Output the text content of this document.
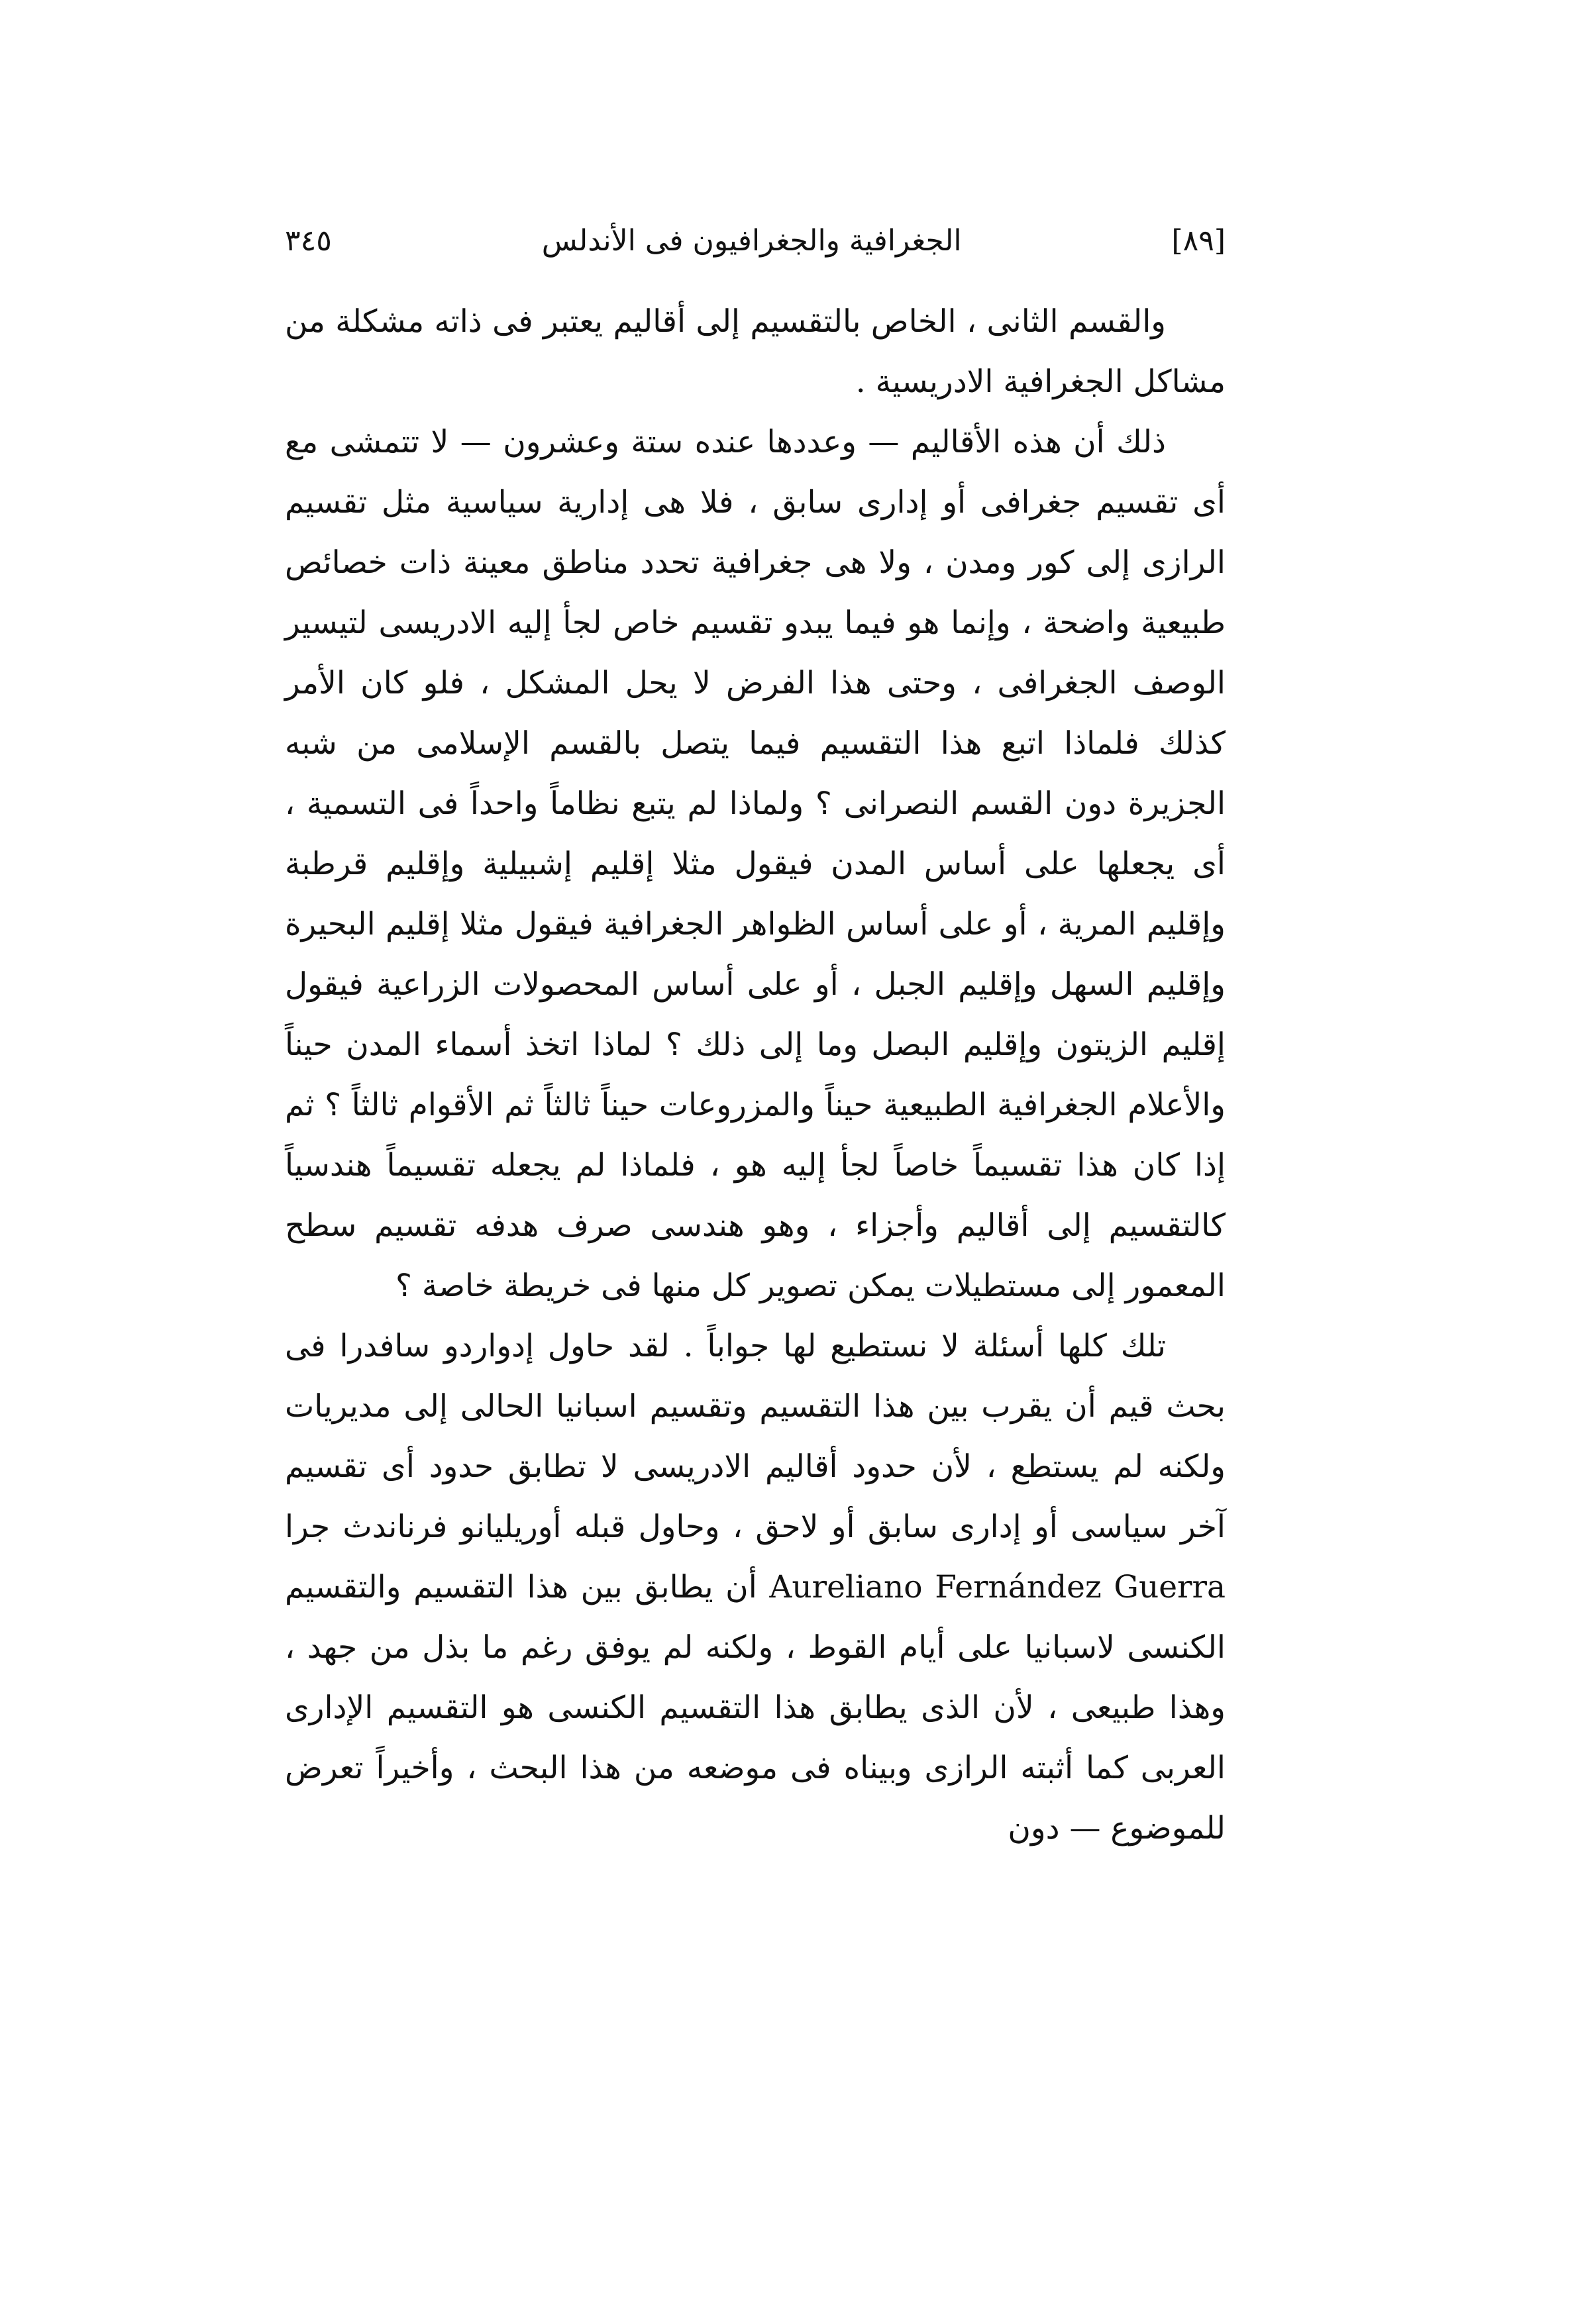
[٨٩]
الجغرافية والجغرافيون فى الأندلس
٣٤٥

والقسم الثانى ، الخاص بالتقسيم إلى أقاليم يعتبر فى ذاته مشكلة من مشاكل الجغرافية الادريسية .

ذلك أن هذه الأقاليم — وعددها عنده ستة وعشرون — لا تتمشى مع أى تقسيم جغرافى أو إدارى سابق ، فلا هى إدارية سياسية مثل تقسيم الرازى إلى كور ومدن ، ولا هى جغرافية تحدد مناطق معينة ذات خصائص طبيعية واضحة ، وإنما هو فيما يبدو تقسيم خاص لجأ إليه الادريسى لتيسير الوصف الجغرافى ، وحتى هذا الفرض لا يحل المشكل ، فلو كان الأمر كذلك فلماذا اتبع هذا التقسيم فيما يتصل بالقسم الإسلامى من شبه الجزيرة دون القسم النصرانى ؟ ولماذا لم يتبع نظاماً واحداً فى التسمية ، أى يجعلها على أساس المدن فيقول مثلا إقليم إشبيلية وإقليم قرطبة وإقليم المرية ، أو على أساس الظواهر الجغرافية فيقول مثلا إقليم البحيرة وإقليم السهل وإقليم الجبل ، أو على أساس المحصولات الزراعية فيقول إقليم الزيتون وإقليم البصل وما إلى ذلك ؟ لماذا اتخذ أسماء المدن حيناً والأعلام الجغرافية الطبيعية حيناً والمزروعات حيناً ثالثاً ثم الأقوام ثالثاً ؟ ثم إذا كان هذا تقسيماً خاصاً لجأ إليه هو ، فلماذا لم يجعله تقسيماً هندسياً كالتقسيم إلى أقاليم وأجزاء ، وهو هندسى صرف هدفه تقسيم سطح المعمور إلى مستطيلات يمكن تصوير كل منها فى خريطة خاصة ؟

تلك كلها أسئلة لا نستطيع لها جواباً . لقد حاول إدواردو سافدرا فى بحث قيم أن يقرب بين هذا التقسيم وتقسيم اسبانيا الحالى إلى مديريات ولكنه لم يستطع ، لأن حدود أقاليم الادريسى لا تطابق حدود أى تقسيم آخر سياسى أو إدارى سابق أو لاحق ، وحاول قبله أوريليانو فرناندث جرا Aureliano Fernández Guerra أن يطابق بين هذا التقسيم والتقسيم الكنسى لاسبانيا على أيام القوط ، ولكنه لم يوفق رغم ما بذل من جهد ، وهذا طبيعى ، لأن الذى يطابق هذا التقسيم الكنسى هو التقسيم الإدارى العربى كما أثبته الرازى وبيناه فى موضعه من هذا البحث ، وأخيراً تعرض للموضوع — دون
